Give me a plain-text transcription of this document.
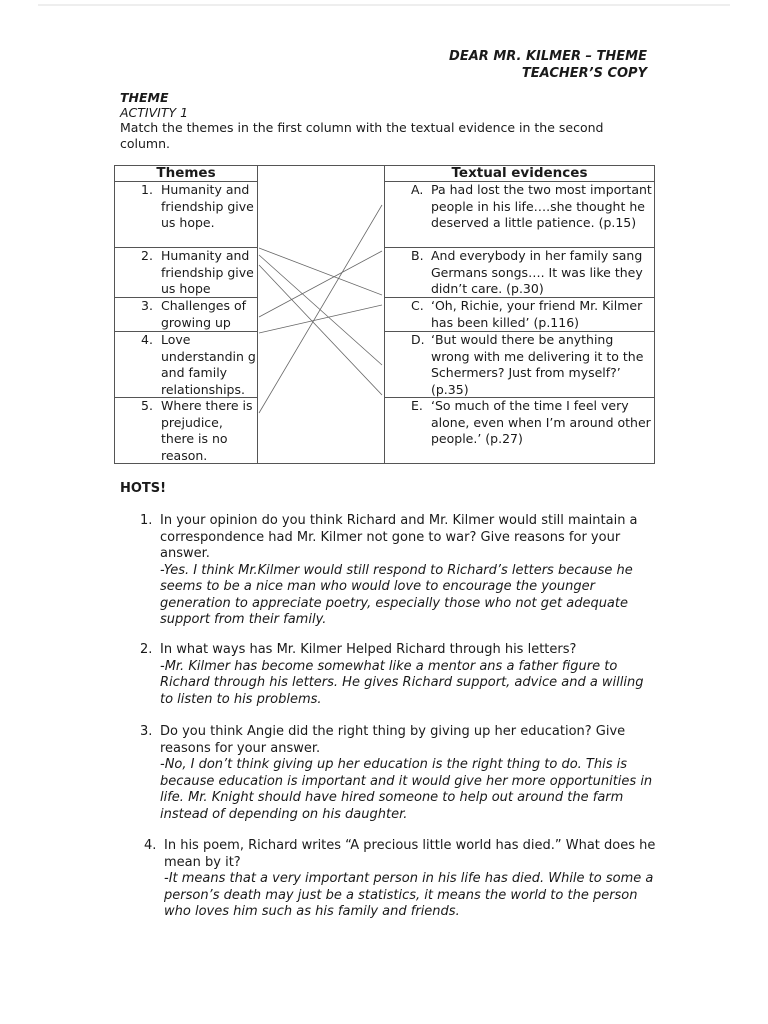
DEAR MR. KILMER – THEME
TEACHER’S COPY
THEME
ACTIVITY 1
Match the themes in the first column with the textual evidence in the second column.
Themes	Textual evidences
1. Humanity and friendship give us hope.
2. Humanity and friendship give us hope
3. Challenges of growing up
4. Love understandin g and family relationships.
5. Where there is prejudice, there is no reason.
A. Pa had lost the two most important people in his life….she thought he deserved a little patience. (p.15)
B. And everybody in her family sang Germans songs…. It was like they didn’t care. (p.30)
C. ‘Oh, Richie, your friend Mr. Kilmer has been killed’ (p.116)
D. ‘But would there be anything wrong with me delivering it to the Schermers? Just from myself?’ (p.35)
E. ‘So much of the time I feel very alone, even when I’m around other people.’ (p.27)
HOTS!
1. In your opinion do you think Richard and Mr. Kilmer would still maintain a correspondence had Mr. Kilmer not gone to war? Give reasons for your answer.
-Yes. I think Mr.Kilmer would still respond to Richard’s letters because he seems to be a nice man who would love to encourage the younger generation to appreciate poetry, especially those who not get adequate support from their family.
2. In what ways has Mr. Kilmer Helped Richard through his letters?
-Mr. Kilmer has become somewhat like a mentor ans a father figure to Richard through his letters. He gives Richard support, advice and a willing to listen to his problems.
3. Do you think Angie did the right thing by giving up her education? Give reasons for your answer.
-No, I don’t think giving up her education is the right thing to do. This is because education is important and it would give her more opportunities in life. Mr. Knight should have hired someone to help out around the farm instead of depending on his daughter.
4. In his poem, Richard writes “A precious little world has died.” What does he mean by it?
-It means that a very important person in his life has died. While to some a person’s death may just be a statistics, it means the world to the person who loves him such as his family and friends.
